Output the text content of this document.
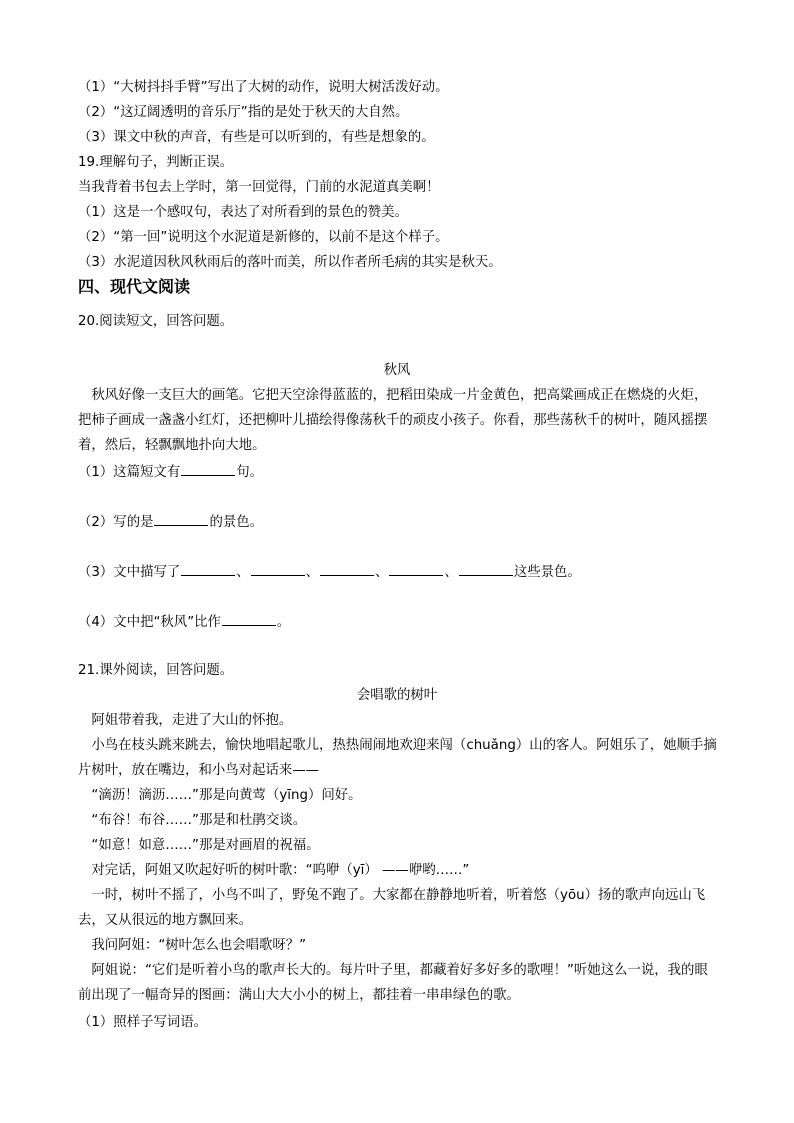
（1）“大树抖抖手臂”写出了大树的动作，说明大树活泼好动。
（2）“这辽阔透明的音乐厅”指的是处于秋天的大自然。
（3）课文中秋的声音，有些是可以听到的，有些是想象的。
19.理解句子，判断正误。
当我背着书包去上学时，第一回觉得，门前的水泥道真美啊！
（1）这是一个感叹句，表达了对所看到的景色的赞美。
（2）“第一回”说明这个水泥道是新修的，以前不是这个样子。
（3）水泥道因秋风秋雨后的落叶而美，所以作者所毛病的其实是秋天。
四、现代文阅读
20.阅读短文，回答问题。
秋风
秋风好像一支巨大的画笔。它把天空涂得蓝蓝的，把稻田染成一片金黄色，把高粱画成正在燃烧的火炬，把柿子画成一盏盏小红灯，还把柳叶儿描绘得像荡秋千的顽皮小孩子。你看，那些荡秋千的树叶，随风摇摆着，然后，轻飘飘地扑向大地。
（1）这篇短文有	句。
（2）写的是	的景色。
（3）文中描写了	、	、	、	、	这些景色。
（4）文中把“秋风”比作	。
21.课外阅读，回答问题。
会唱歌的树叶
阿姐带着我，走进了大山的怀抱。
小鸟在枝头跳来跳去，愉快地唱起歌儿，热热闹闹地欢迎来闯（chuǎng）山的客人。阿姐乐了，她顺手摘片树叶，放在嘴边，和小鸟对起话来——
“滴沥！滴沥……”那是向黄莺（yīng）问好。
“布谷！布谷……”那是和杜鹃交谈。
“如意！如意……”那是对画眉的祝福。
对完话，阿姐又吹起好听的树叶歌：“呜咿（yī） ——咿哟……”
一时，树叶不摇了，小鸟不叫了，野兔不跑了。大家都在静静地听着，听着悠（yōu）扬的歌声向远山飞去，又从很远的地方飘回来。
我问阿姐：“树叶怎么也会唱歌呀？”
阿姐说：“它们是听着小鸟的歌声长大的。每片叶子里，都藏着好多好多的歌哩！”听她这么一说，我的眼前出现了一幅奇异的图画：满山大大小小的树上，都挂着一串串绿色的歌。
（1）照样子写词语。
